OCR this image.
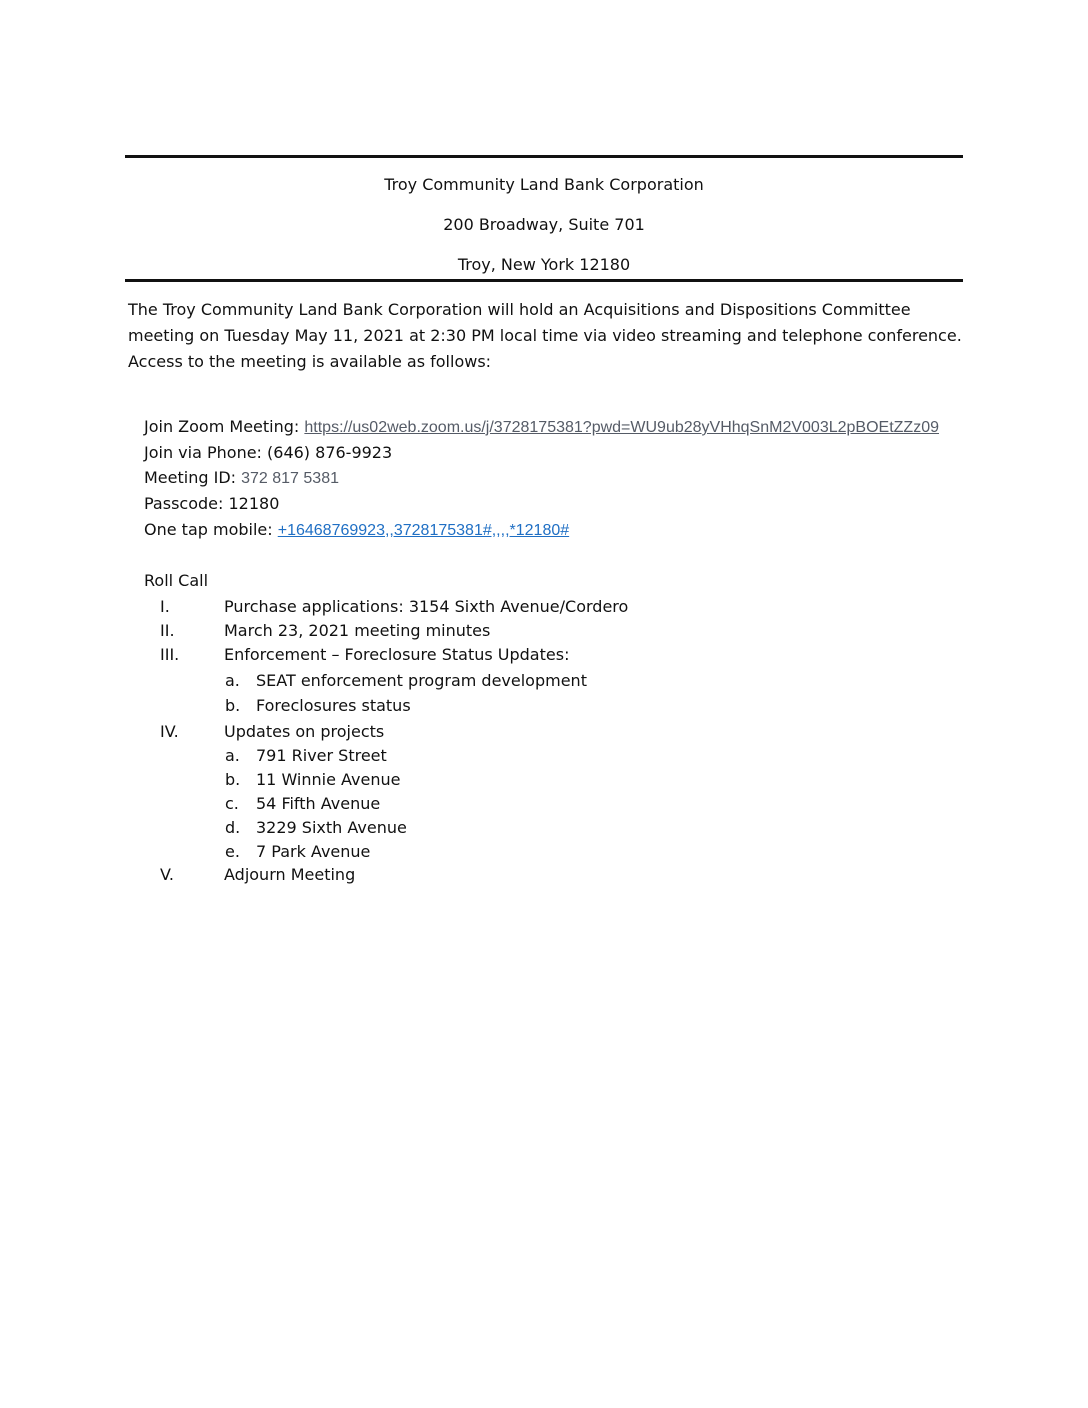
Troy Community Land Bank Corporation
200 Broadway, Suite 701
Troy, New York 12180
The Troy Community Land Bank Corporation will hold an Acquisitions and Dispositions Committee meeting on Tuesday May 11, 2021 at 2:30 PM local time via video streaming and telephone conference. Access to the meeting is available as follows:
Join Zoom Meeting: https://us02web.zoom.us/j/3728175381?pwd=WU9ub28yVHhqSnM2V003L2pBOEtZZz09
Join via Phone: (646) 876-9923
Meeting ID: 372 817 5381
Passcode: 12180
One tap mobile: +16468769923,,3728175381#,,,,*12180#
Roll Call
I.	Purchase applications: 3154 Sixth Avenue/Cordero
II.	March 23, 2021 meeting minutes
III.	Enforcement – Foreclosure Status Updates:
a. SEAT enforcement program development
b. Foreclosures status
IV.	Updates on projects
a. 791 River Street
b. 11 Winnie Avenue
c. 54 Fifth Avenue
d. 3229 Sixth Avenue
e. 7 Park Avenue
V.	Adjourn Meeting
